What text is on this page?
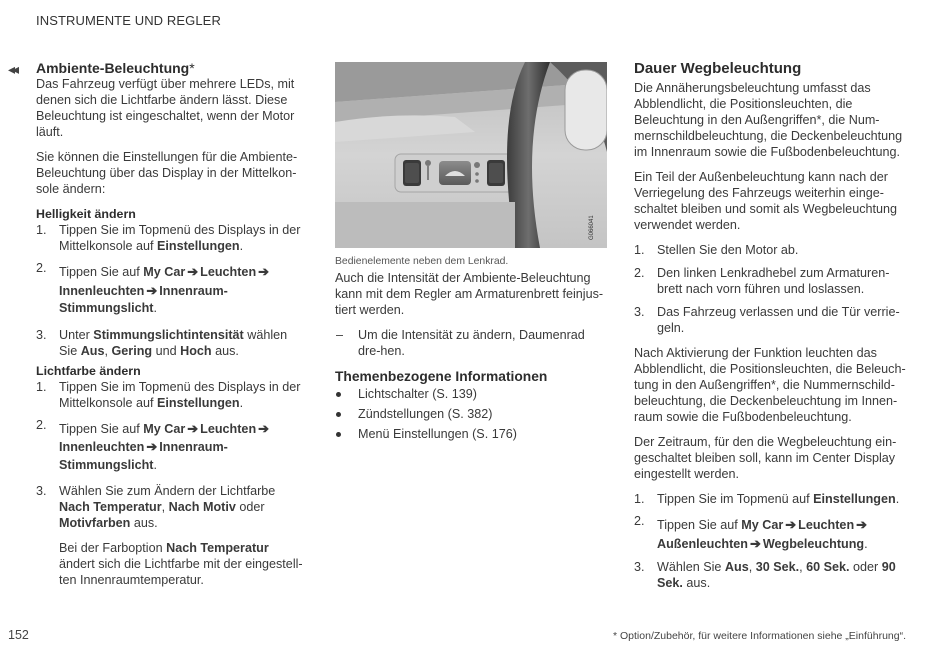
INSTRUMENTE UND REGLER
◂◂ Ambiente-Beleuchtung*

Das Fahrzeug verfügt über mehrere LEDs, mit denen sich die Lichtfarbe ändern lässt. Diese Beleuchtung ist eingeschaltet, wenn der Motor läuft.

Sie können die Einstellungen für die Ambiente-Beleuchtung über das Display in der Mittelkon-sole ändern:

Helligkeit ändern

1. Tippen Sie im Topmenü des Displays in der Mittelkonsole auf Einstellungen.
2. Tippen Sie auf My Car ➔ Leuchten ➔
Innenleuchten ➔ Innenraum-Stimmungslicht.
3. Unter Stimmungslichtintensität wählen Sie Aus, Gering und Hoch aus.

Lichtfarbe ändern

1. Tippen Sie im Topmenü des Displays in der Mittelkonsole auf Einstellungen.
2. Tippen Sie auf My Car ➔ Leuchten ➔
Innenleuchten ➔ Innenraum-Stimmungslicht.
3. Wählen Sie zum Ändern der Lichtfarbe Nach Temperatur, Nach Motiv oder Motivfarben aus.
Bei der Farboption Nach Temperatur ändert sich die Lichtfarbe mit der eingestell-ten Innenraumtemperatur.
G066041

Bedienelemente neben dem Lenkrad.

Auch die Intensität der Ambiente-Beleuchtung kann mit dem Regler am Armaturenbrett feinjus-tiert werden.

– Um die Intensität zu ändern, Daumenrad dre-hen.

Themenbezogene Informationen

Lichtschalter (S. 139)
Zündstellungen (S. 382)
Menü Einstellungen (S. 176)

Dauer Wegbeleuchtung

Die Annäherungsbeleuchtung umfasst das Abblendlicht, die Positionsleuchten, die Beleuchtung in den Außengriffen*, die Num-mernschildbeleuchtung, die Deckenbeleuchtung im Innenraum sowie die Fußbodenbeleuchtung.

Ein Teil der Außenbeleuchtung kann nach der Verriegelung des Fahrzeugs weiterhin einge-schaltet bleiben und somit als Wegbeleuchtung verwendet werden.

1. Stellen Sie den Motor ab.
2. Den linken Lenkradhebel zum Armaturen-brett nach vorn führen und loslassen.
3. Das Fahrzeug verlassen und die Tür verrie-geln.

Nach Aktivierung der Funktion leuchten das Abblendlicht, die Positionsleuchten, die Beleuch-tung in den Außengriffen*, die Nummernschild-beleuchtung, die Deckenbeleuchtung im Innen-raum sowie die Fußbodenbeleuchtung.

Der Zeitraum, für den die Wegbeleuchtung ein-geschaltet bleiben soll, kann im Center Display eingestellt werden.

1. Tippen Sie im Topmenü auf Einstellungen.
2. Tippen Sie auf My Car ➔ Leuchten ➔
Außenleuchten ➔ Wegbeleuchtung.
3. Wählen Sie Aus, 30 Sek., 60 Sek. oder 90 Sek. aus.
152	* Option/Zubehör, für weitere Informationen siehe „Einführung“.
